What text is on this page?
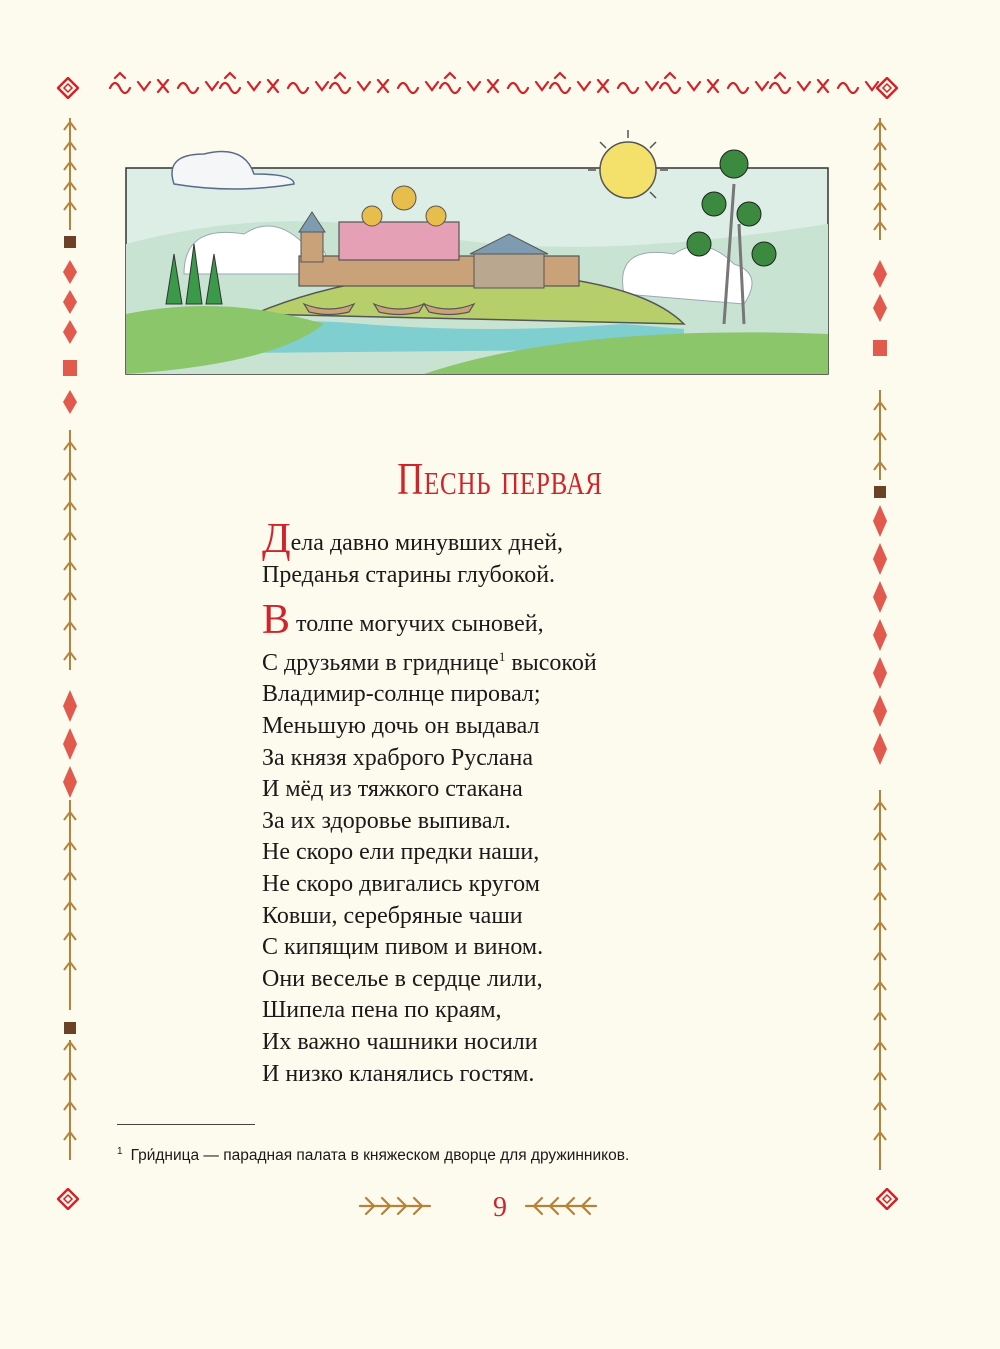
Песнь первая

Дела давно минувших дней,
Преданья старины глубокой.

В толпе могучих сыновей,
С друзьями в гриднице$^1$ высокой
Владимир-солнце пировал;
Меньшую дочь он выдавал
За князя храброго Руслана
И мёд из тяжкого стакана
За их здоровье выпивал.
Не скоро ели предки наши,
Не скоро двигались кругом
Ковши, серебряные чаши
С кипящим пивом и вином.
Они веселье в сердце лили,
Шипела пена по краям,
Их важно чашники носили
И низко кланялись гостям.

$^1$ Гри́дница — парадная палата в княжеском дворце для дружинников.
9
